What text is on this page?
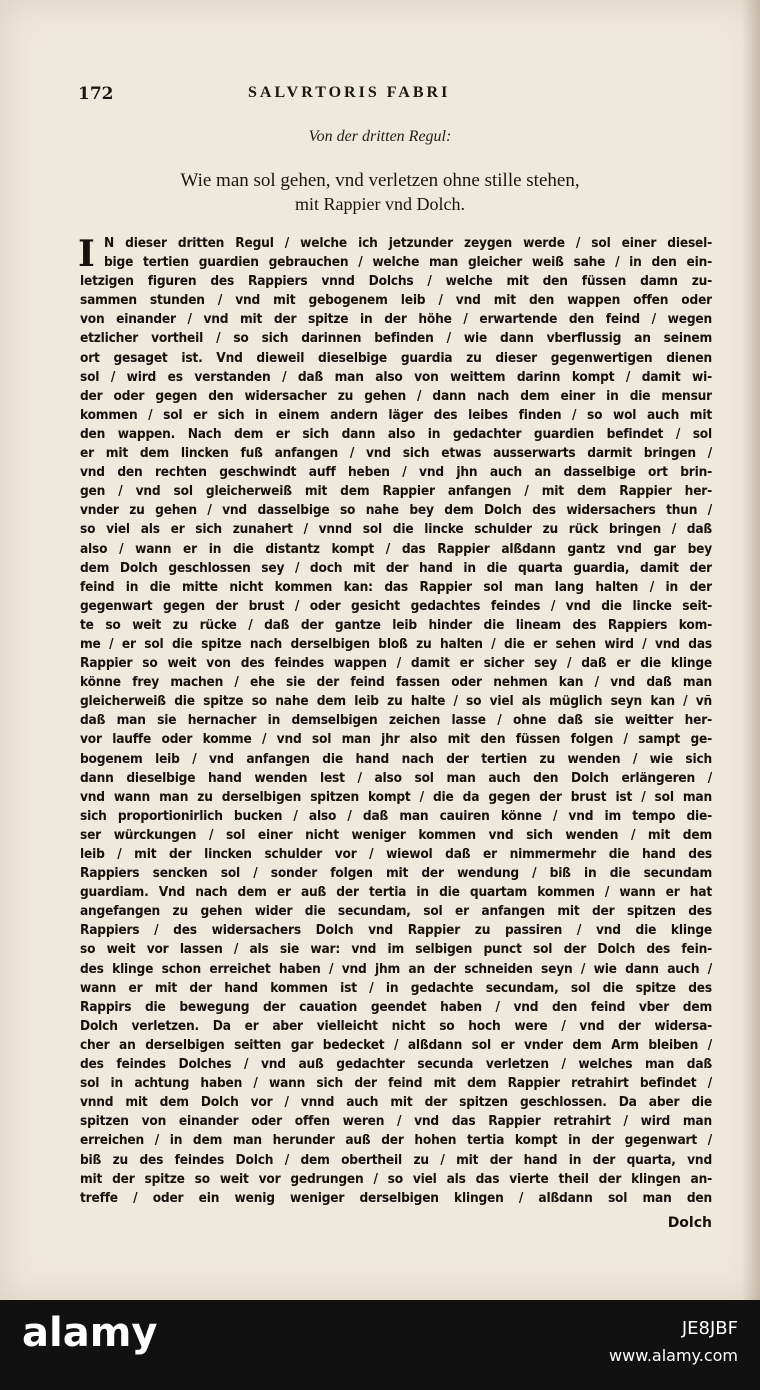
172	SALVRTORIS FABRI
Von der dritten Regul:
Wie man sol gehen, vnd verletzen ohne stille stehen,
mit Rappier vnd Dolch.
I N dieser dritten Regul / welche ich jetzunder zeygen werde / sol einer diesel-
bige tertien guardien gebrauchen / welche man gleicher weiß sahe / in den ein-
letzigen figuren des Rappiers vnnd Dolchs / welche mit den füssen damn zu-
sammen stunden / vnd mit gebogenem leib / vnd mit den wappen offen oder
von einander / vnd mit der spitze in der höhe / erwartende den feind / wegen
etzlicher vortheil / so sich darinnen befinden / wie dann vberflussig an seinem
ort gesaget ist. Vnd dieweil dieselbige guardia zu dieser gegenwertigen dienen
sol / wird es verstanden / daß man also von weittem darinn kompt / damit wi-
der oder gegen den widersacher zu gehen / dann nach dem einer in die mensur
kommen / sol er sich in einem andern läger des leibes finden / so wol auch mit
den wappen. Nach dem er sich dann also in gedachter guardien befindet / sol
er mit dem lincken fuß anfangen / vnd sich etwas ausserwarts darmit bringen /
vnd den rechten geschwindt auff heben / vnd jhn auch an dasselbige ort brin-
gen / vnd sol gleicherweiß mit dem Rappier anfangen / mit dem Rappier her-
vnder zu gehen / vnd dasselbige so nahe bey dem Dolch des widersachers thun /
so viel als er sich zunahert / vnnd sol die lincke schulder zu rück bringen / daß
also / wann er in die distantz kompt / das Rappier alßdann gantz vnd gar bey
dem Dolch geschlossen sey / doch mit der hand in die quarta guardia, damit der
feind in die mitte nicht kommen kan: das Rappier sol man lang halten / in der
gegenwart gegen der brust / oder gesicht gedachtes feindes / vnd die lincke seit-
te so weit zu rücke / daß der gantze leib hinder die lineam des Rappiers kom-
me / er sol die spitze nach derselbigen bloß zu halten / die er sehen wird / vnd das
Rappier so weit von des feindes wappen / damit er sicher sey / daß er die klinge
könne frey machen / ehe sie der feind fassen oder nehmen kan / vnd daß man
gleicherweiß die spitze so nahe dem leib zu halte / so viel als müglich seyn kan / vñ
daß man sie hernacher in demselbigen zeichen lasse / ohne daß sie weitter her-
vor lauffe oder komme / vnd sol man jhr also mit den füssen folgen / sampt ge-
bogenem leib / vnd anfangen die hand nach der tertien zu wenden / wie sich
dann dieselbige hand wenden lest / also sol man auch den Dolch erlängeren /
vnd wann man zu derselbigen spitzen kompt / die da gegen der brust ist / sol man
sich proportionirlich bucken / also / daß man cauiren könne / vnd im tempo die-
ser würckungen / sol einer nicht weniger kommen vnd sich wenden / mit dem
leib / mit der lincken schulder vor / wiewol daß er nimmermehr die hand des
Rappiers sencken sol / sonder folgen mit der wendung / biß in die secundam
guardiam. Vnd nach dem er auß der tertia in die quartam kommen / wann er hat
angefangen zu gehen wider die secundam, sol er anfangen mit der spitzen des
Rappiers / des widersachers Dolch vnd Rappier zu passiren / vnd die klinge
so weit vor lassen / als sie war: vnd im selbigen punct sol der Dolch des fein-
des klinge schon erreichet haben / vnd jhm an der schneiden seyn / wie dann auch /
wann er mit der hand kommen ist / in gedachte secundam, sol die spitze des
Rappirs die bewegung der cauation geendet haben / vnd den feind vber dem
Dolch verletzen. Da er aber vielleicht nicht so hoch were / vnd der widersa-
cher an derselbigen seitten gar bedecket / alßdann sol er vnder dem Arm bleiben /
des feindes Dolches / vnd auß gedachter secunda verletzen / welches man daß
sol in achtung haben / wann sich der feind mit dem Rappier retrahirt befindet /
vnnd mit dem Dolch vor / vnnd auch mit der spitzen geschlossen. Da aber die
spitzen von einander oder offen weren / vnd das Rappier retrahirt / wird man
erreichen / in dem man herunder auß der hohen tertia kompt in der gegenwart /
biß zu des feindes Dolch / dem obertheil zu / mit der hand in der quarta, vnd
mit der spitze so weit vor gedrungen / so viel als das vierte theil der klingen an-
treffe / oder ein wenig weniger derselbigen klingen / alßdann sol man den
Dolch
alamy	JE8JBF
www.alamy.com
